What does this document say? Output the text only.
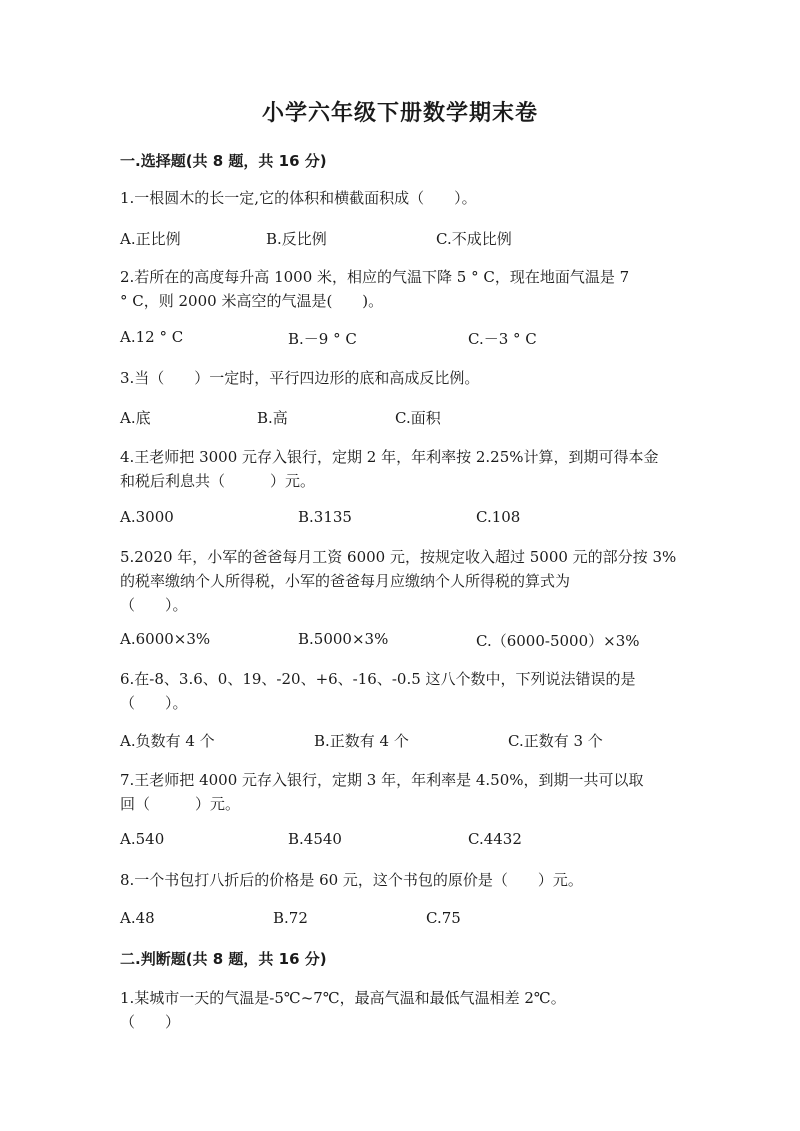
小学六年级下册数学期末卷
一.选择题(共 8 题，共 16 分)
1.一根圆木的长一定,它的体积和横截面积成（　　）。
A.正比例	B.反比例	C.不成比例
2.若所在的高度每升高 1000 米，相应的气温下降 5 ° C，现在地面气温是 7
° C，则 2000 米高空的气温是(　　)。
A.12 ° C	B.－9 ° C	C.－3 ° C
3.当（　　）一定时，平行四边形的底和高成反比例。
A.底	B.高	C.面积
4.王老师把 3000 元存入银行，定期 2 年，年利率按 2.25%计算，到期可得本金
和税后利息共（　　　）元。
A.3000	B.3135	C.108
5.2020 年，小军的爸爸每月工资 6000 元，按规定收入超过 5000 元的部分按 3%
的税率缴纳个人所得税，小军的爸爸每月应缴纳个人所得税的算式为
（　　）。
A.6000×3%	B.5000×3%	C.（6000-5000）×3%
6.在-8、3.6、0、19、-20、+6、-16、-0.5 这八个数中，下列说法错误的是
（　　）。
A.负数有 4 个	B.正数有 4 个	C.正数有 3 个
7.王老师把 4000 元存入银行，定期 3 年，年利率是 4.50%，到期一共可以取
回（　　　）元。
A.540	B.4540	C.4432
8.一个书包打八折后的价格是 60 元，这个书包的原价是（　　）元。
A.48	B.72	C.75
二.判断题(共 8 题，共 16 分)
1.某城市一天的气温是-5℃~7℃，最高气温和最低气温相差 2℃。
（　　）
